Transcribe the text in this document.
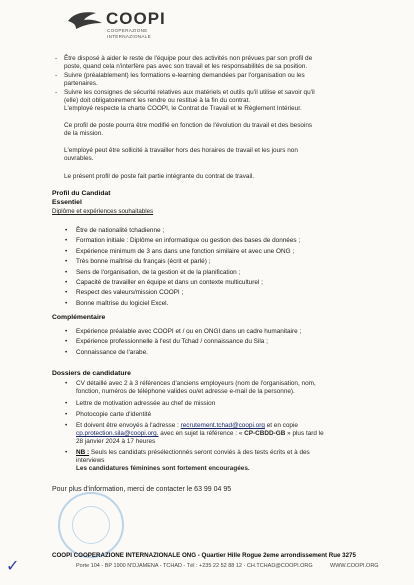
COOPI
COOPERAZIONE
INTERNAZIONALE
- Être disposé à aider le reste de l'équipe pour des activités non prévues par son profil de
poste, quand cela n'interfère pas avec son travail et les responsabilités de sa position.
- Suivre (préalablement) les formations e-learning demandées par l'organisation ou les
partenaires.
- Suivre les consignes de sécurité relatives aux matériels et outils qu'il utilise et savoir qu'il
(elle) doit obligatoirement les rendre ou restitué à la fin du contrat.
L'employé respecte la charte COOPI, le Contrat de Travail et le Règlement Intérieur.
Ce profil de poste pourra être modifié en fonction de l'évolution du travail et des besoins
de la mission.
L'employé peut être sollicité à travailler hors des horaires de travail et les jours non
ouvrables.
Le présent profil de poste fait partie intégrante du contrat de travail.
Profil du Candidat
Essentiel
Diplôme et expériences souhaitables
• Être de nationalité tchadienne ;
• Formation initiale : Diplôme en informatique ou gestion des bases de données ;
• Expérience minimum de 3 ans dans une fonction similaire et avec une ONG ;
• Très bonne maîtrise du français (écrit et parlé) ;
• Sens de l'organisation, de la gestion et de la planification ;
• Capacité de travailler en équipe et dans un contexte multiculturel ;
• Respect des valeurs/mission COOPI ;
• Bonne maîtrise du logiciel Excel.
Complémentaire
• Expérience préalable avec COOPI et / ou en ONGI dans un cadre humanitaire ;
• Expérience professionnelle à l'est du Tchad / connaissance du Sila ;
• Connaissance de l'arabe.
Dossiers de candidature
• CV détaillé avec 2 à 3 références d'anciens employeurs (nom de l'organisation, nom,
fonction, numéros de téléphone valides ou/et adresse e-mail de la personne).
• Lettre de motivation adressée au chef de mission
• Photocopie carte d'identité
• Et doivent être envoyés à l'adresse : recrutement.tchad@coopi.org et en copie
cp.protection.sila@coopi.org. avec en sujet la référence : « CP-CBDD-GB » plus tard le
28 janvier 2024 à 17 heures
• NB : Seuls les candidats présélectionnés seront conviés à des tests écrits et à des
interviews
Les candidatures féminines sont fortement encouragées.
Pour plus d'information, merci de contacter le 63 99 04 95
COOPI COOPERAZIONE INTERNAZIONALE ONG - Quartier Hille Rogue 2eme arrondissement Rue 3275
Porte 104 - BP 1900 N'DJAMENA - TCHAD - Tél : +235 22 52 88 12 · CH.TCHAD@COOPI.ORG	WWW.COOPI.ORG
✓
